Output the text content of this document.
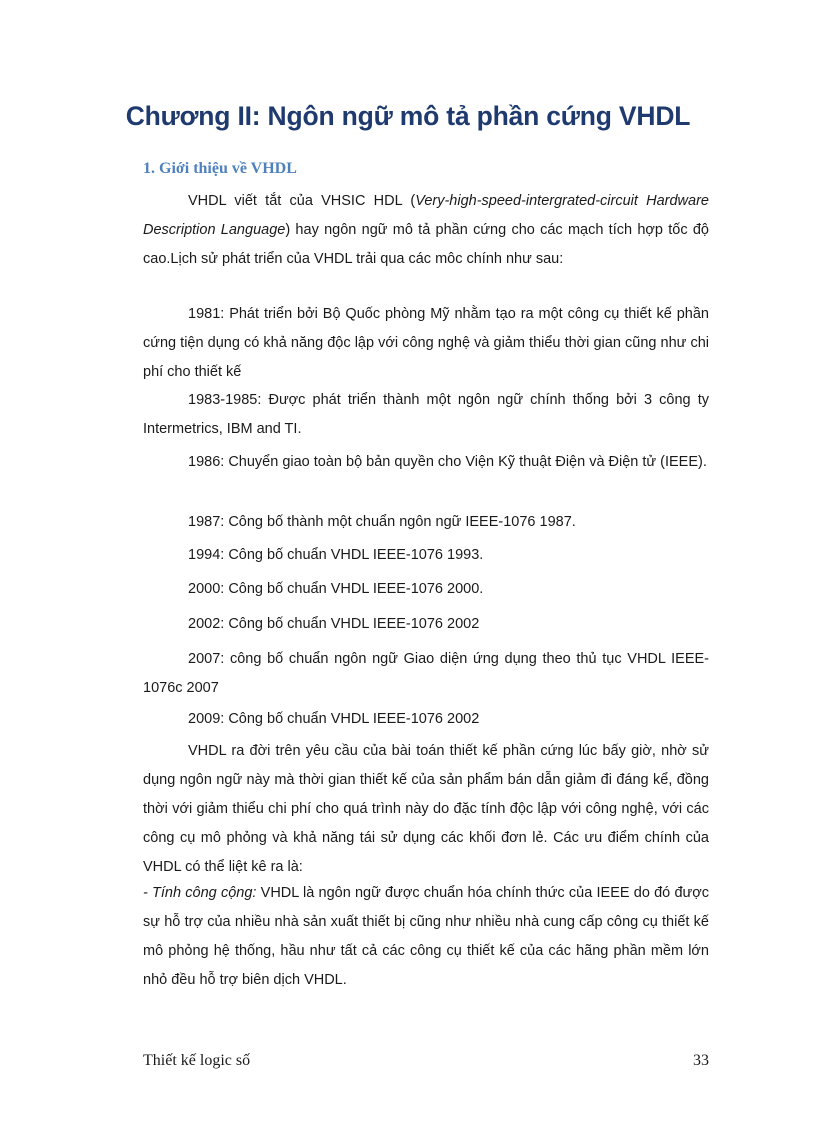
Chương II: Ngôn ngữ mô tả phần cứng VHDL
1. Giới thiệu về VHDL

VHDL viết tắt của VHSIC HDL (Very-high-speed-intergrated-circuit Hardware Description Language) hay ngôn ngữ mô tả phần cứng cho các mạch tích hợp tốc độ cao.Lịch sử phát triển của VHDL trải qua các môc chính như sau:

1981: Phát triển bởi Bộ Quốc phòng Mỹ nhằm tạo ra một công cụ thiết kế phần cứng tiện dụng có khả năng độc lập với công nghệ và giảm thiểu thời gian cũng như chi phí cho thiết kế

1983-1985: Được phát triển thành một ngôn ngữ chính thống bởi 3 công ty Intermetrics, IBM and TI.

1986: Chuyển giao toàn bộ bản quyền cho Viện Kỹ thuật Điện và Điện tử (IEEE).

1987: Công bố thành một chuẩn ngôn ngữ IEEE-1076 1987.

1994: Công bố chuẩn VHDL IEEE-1076 1993.

2000: Công bố chuẩn VHDL IEEE-1076 2000.

2002: Công bố chuẩn VHDL IEEE-1076 2002

2007: công bố chuẩn ngôn ngữ Giao diện ứng dụng theo thủ tục VHDL IEEE-1076c 2007

2009: Công bố chuẩn VHDL IEEE-1076 2002

VHDL ra đời trên yêu cầu của bài toán thiết kế phần cứng lúc bấy giờ, nhờ sử dụng ngôn ngữ này mà thời gian thiết kế của sản phẩm bán dẫn giảm đi đáng kể, đồng thời với giảm thiểu chi phí cho quá trình này do đặc tính độc lập với công nghệ, với các công cụ mô phỏng và khả năng tái sử dụng các khối đơn lẻ. Các ưu điểm chính của VHDL có thể liệt kê ra là:

- Tính công cộng: VHDL là ngôn ngữ được chuẩn hóa chính thức của IEEE do đó được sự hỗ trợ của nhiều nhà sản xuất thiết bị cũng như nhiều nhà cung cấp công cụ thiết kế mô phỏng hệ thống, hầu như tất cả các công cụ thiết kế của các hãng phần mềm lớn nhỏ đều hỗ trợ biên dịch VHDL.

Thiết kế logic số	33
